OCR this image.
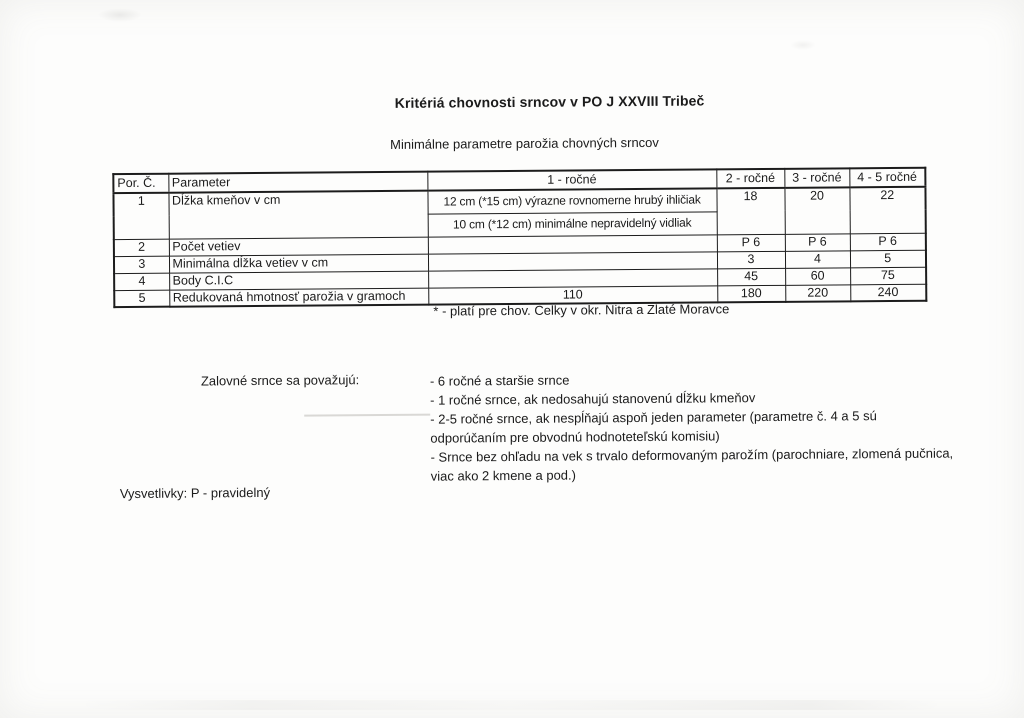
Kritériá chovnosti srncov v PO J XXVIII Tribeč
Minimálne parametre parožia chovných srncov
Por. Č.	Parameter	1 - ročné	2 - ročné	3 - ročné	4 - 5 ročné
1	Dĺžka kmeňov v cm	12 cm (*15 cm) výrazne rovnomerne hrubý ihličiak	18	20	22
		10 cm (*12 cm) minimálne nepravidelný vidliak			
2	Počet vetiev		P 6	P 6	P 6
3	Minimálna dĺžka vetiev v cm		3	4	5
4	Body C.I.C		45	60	75
5	Redukovaná hmotnosť parožia v gramoch	110	180	220	240
* - platí pre chov. Celky v okr. Nitra a Zlaté Moravce
Zalovné srnce sa považujú:	- 6 ročné a staršie srnce
- 1 ročné srnce, ak nedosahujú stanovenú dĺžku kmeňov
- 2-5 ročné srnce, ak nespĺňajú aspoň jeden parameter (parametre č. 4 a 5 sú odporúčaním pre obvodnú hodnoteteľskú komisiu)
- Srnce bez ohľadu na vek s trvalo deformovaným parožím (parochniare, zlomená pučnica, viac ako 2 kmene a pod.)
Vysvetlivky: P - pravidelný
